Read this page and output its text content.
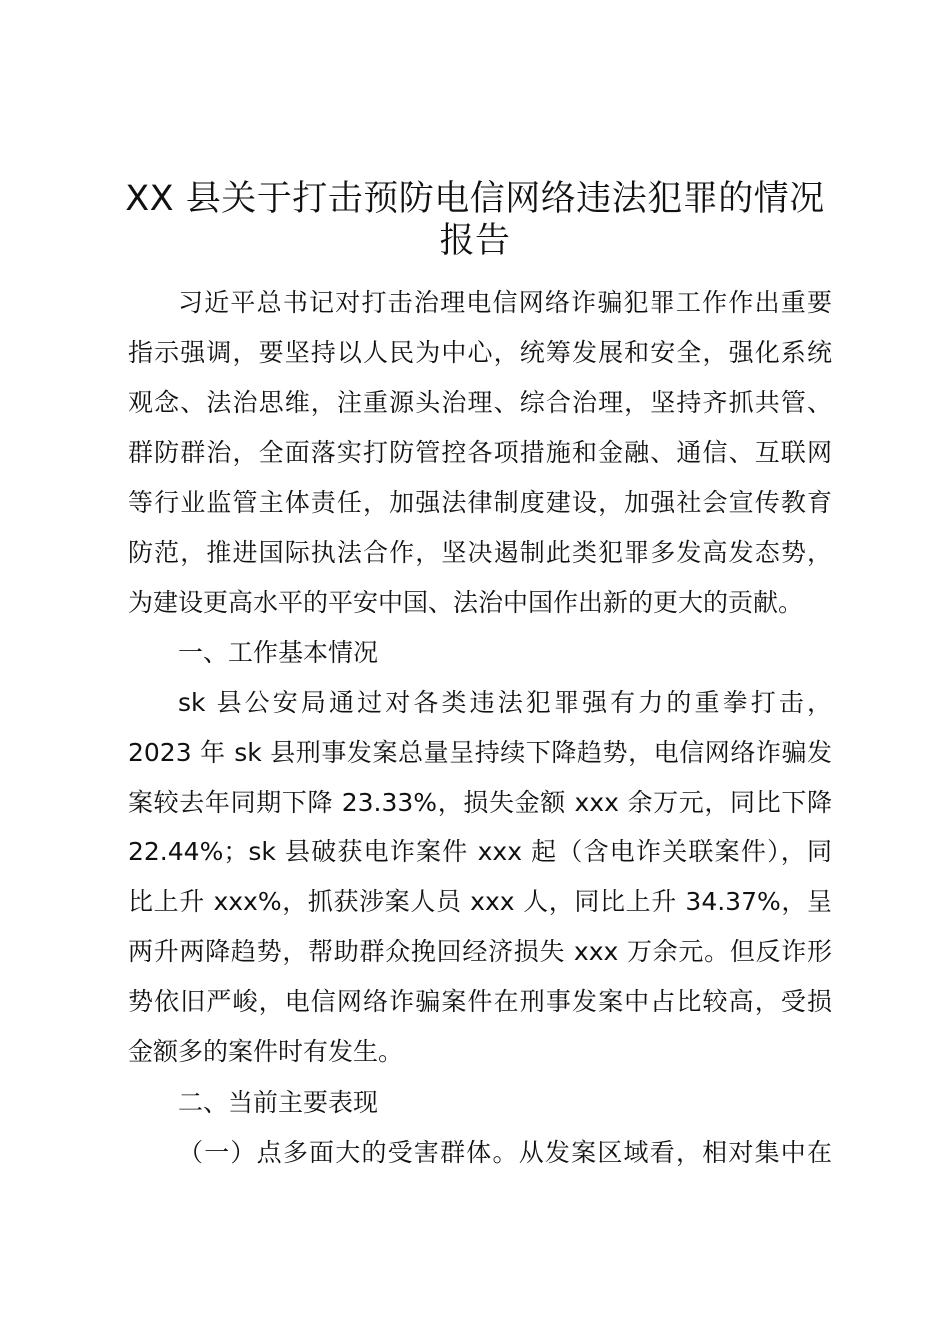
XX 县关于打击预防电信网络违法犯罪的情况
报告

习近平总书记对打击治理电信网络诈骗犯罪工作作出重要

指示强调，要坚持以人民为中心，统筹发展和安全，强化系统

观念、法治思维，注重源头治理、综合治理，坚持齐抓共管、

群防群治，全面落实打防管控各项措施和金融、通信、互联网

等行业监管主体责任，加强法律制度建设，加强社会宣传教育

防范，推进国际执法合作，坚决遏制此类犯罪多发高发态势，

为建设更高水平的平安中国、法治中国作出新的更大的贡献。

一、工作基本情况

sk 县公安局通过对各类违法犯罪强有力的重拳打击，

2023 年 sk 县刑事发案总量呈持续下降趋势，电信网络诈骗发

案较去年同期下降 23.33%，损失金额 xxx 余万元，同比下降

22.44%；sk 县破获电诈案件 xxx 起（含电诈关联案件），同

比上升 xxx%，抓获涉案人员 xxx 人，同比上升 34.37%，呈

两升两降趋势，帮助群众挽回经济损失 xxx 万余元。但反诈形

势依旧严峻，电信网络诈骗案件在刑事发案中占比较高，受损

金额多的案件时有发生。

二、当前主要表现

（一）点多面大的受害群体。从发案区域看，相对集中在
